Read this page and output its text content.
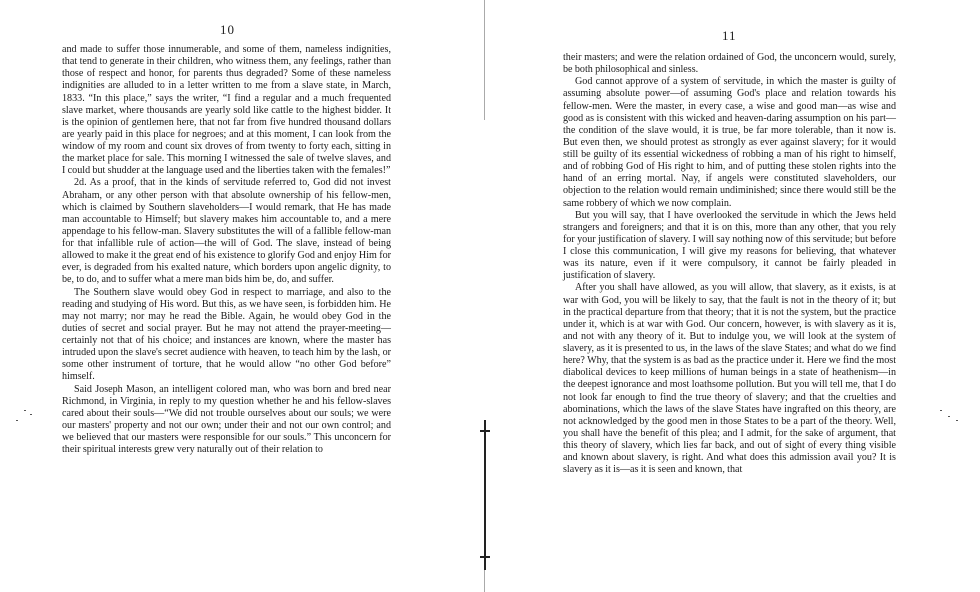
10

and made to suffer those innumerable, and some of them, nameless indignities, that tend to generate in their children, who witness them, any feelings, rather than those of respect and honor, for parents thus degraded? Some of these nameless indignities are alluded to in a letter written to me from a slave state, in March, 1833. “In this place,” says the writer, “I find a regular and a much frequented slave market, where thousands are yearly sold like cattle to the highest bidder. It is the opinion of gentlemen here, that not far from five hundred thousand dollars are yearly paid in this place for negroes; and at this moment, I can look from the window of my room and count six droves of from twenty to forty each, sitting in the market place for sale. This morning I witnessed the sale of twelve slaves, and I could but shudder at the language used and the liberties taken with the females!”

2d. As a proof, that in the kinds of servitude referred to, God did not invest Abraham, or any other person with that absolute ownership of his fellow-men, which is claimed by Southern slaveholders—I would remark, that He has made man accountable to Himself; but slavery makes him accountable to, and a mere appendage to his fellow-man. Slavery substitutes the will of a fallible fellow-man for that infallible rule of action—the will of God. The slave, instead of being allowed to make it the great end of his existence to glorify God and enjoy Him for ever, is degraded from his exalted nature, which borders upon angelic dignity, to be, to do, and to suffer what a mere man bids him be, do, and suffer.

The Southern slave would obey God in respect to marriage, and also to the reading and studying of His word. But this, as we have seen, is forbidden him. He may not marry; nor may he read the Bible. Again, he would obey God in the duties of secret and social prayer. But he may not attend the prayer-meeting—certainly not that of his choice; and instances are known, where the master has intruded upon the slave's secret audience with heaven, to teach him by the lash, or some other instrument of torture, that he would allow “no other God before” himself.

Said Joseph Mason, an intelligent colored man, who was born and bred near Richmond, in Virginia, in reply to my question whether he and his fellow-slaves cared about their souls—“We did not trouble ourselves about our souls; we were our masters' property and not our own; under their and not our own control; and we believed that our masters were responsible for our souls.” This unconcern for their spiritual interests grew very naturally out of their relation to

11

their masters; and were the relation ordained of God, the unconcern would, surely, be both philosophical and sinless.

God cannot approve of a system of servitude, in which the master is guilty of assuming absolute power—of assuming God's place and relation towards his fellow-men. Were the master, in every case, a wise and good man—as wise and good as is consistent with this wicked and heaven-daring assumption on his part—the condition of the slave would, it is true, be far more tolerable, than it now is. But even then, we should protest as strongly as ever against slavery; for it would still be guilty of its essential wickedness of robbing a man of his right to himself, and of robbing God of His right to him, and of putting these stolen rights into the hand of an erring mortal. Nay, if angels were constituted slaveholders, our objection to the relation would remain undiminished; since there would still be the same robbery of which we now complain.

But you will say, that I have overlooked the servitude in which the Jews held strangers and foreigners; and that it is on this, more than any other, that you rely for your justification of slavery. I will say nothing now of this servitude; but before I close this communication, I will give my reasons for believing, that whatever was its nature, even if it were compulsory, it cannot be fairly pleaded in justification of slavery.

After you shall have allowed, as you will allow, that slavery, as it exists, is at war with God, you will be likely to say, that the fault is not in the theory of it; but in the practical departure from that theory; that it is not the system, but the practice under it, which is at war with God. Our concern, however, is with slavery as it is, and not with any theory of it. But to indulge you, we will look at the system of slavery, as it is presented to us, in the laws of the slave States; and what do we find here? Why, that the system is as bad as the practice under it. Here we find the most diabolical devices to keep millions of human beings in a state of heathenism—in the deepest ignorance and most loathsome pollution. But you will tell me, that I do not look far enough to find the true theory of slavery; and that the cruelties and abominations, which the laws of the slave States have ingrafted on this theory, are not acknowledged by the good men in those States to be a part of the theory. Well, you shall have the benefit of this plea; and I admit, for the sake of argument, that this theory of slavery, which lies far back, and out of sight of every thing visible and known about slavery, is right. And what does this admission avail you? It is slavery as it is—as it is seen and known, that
